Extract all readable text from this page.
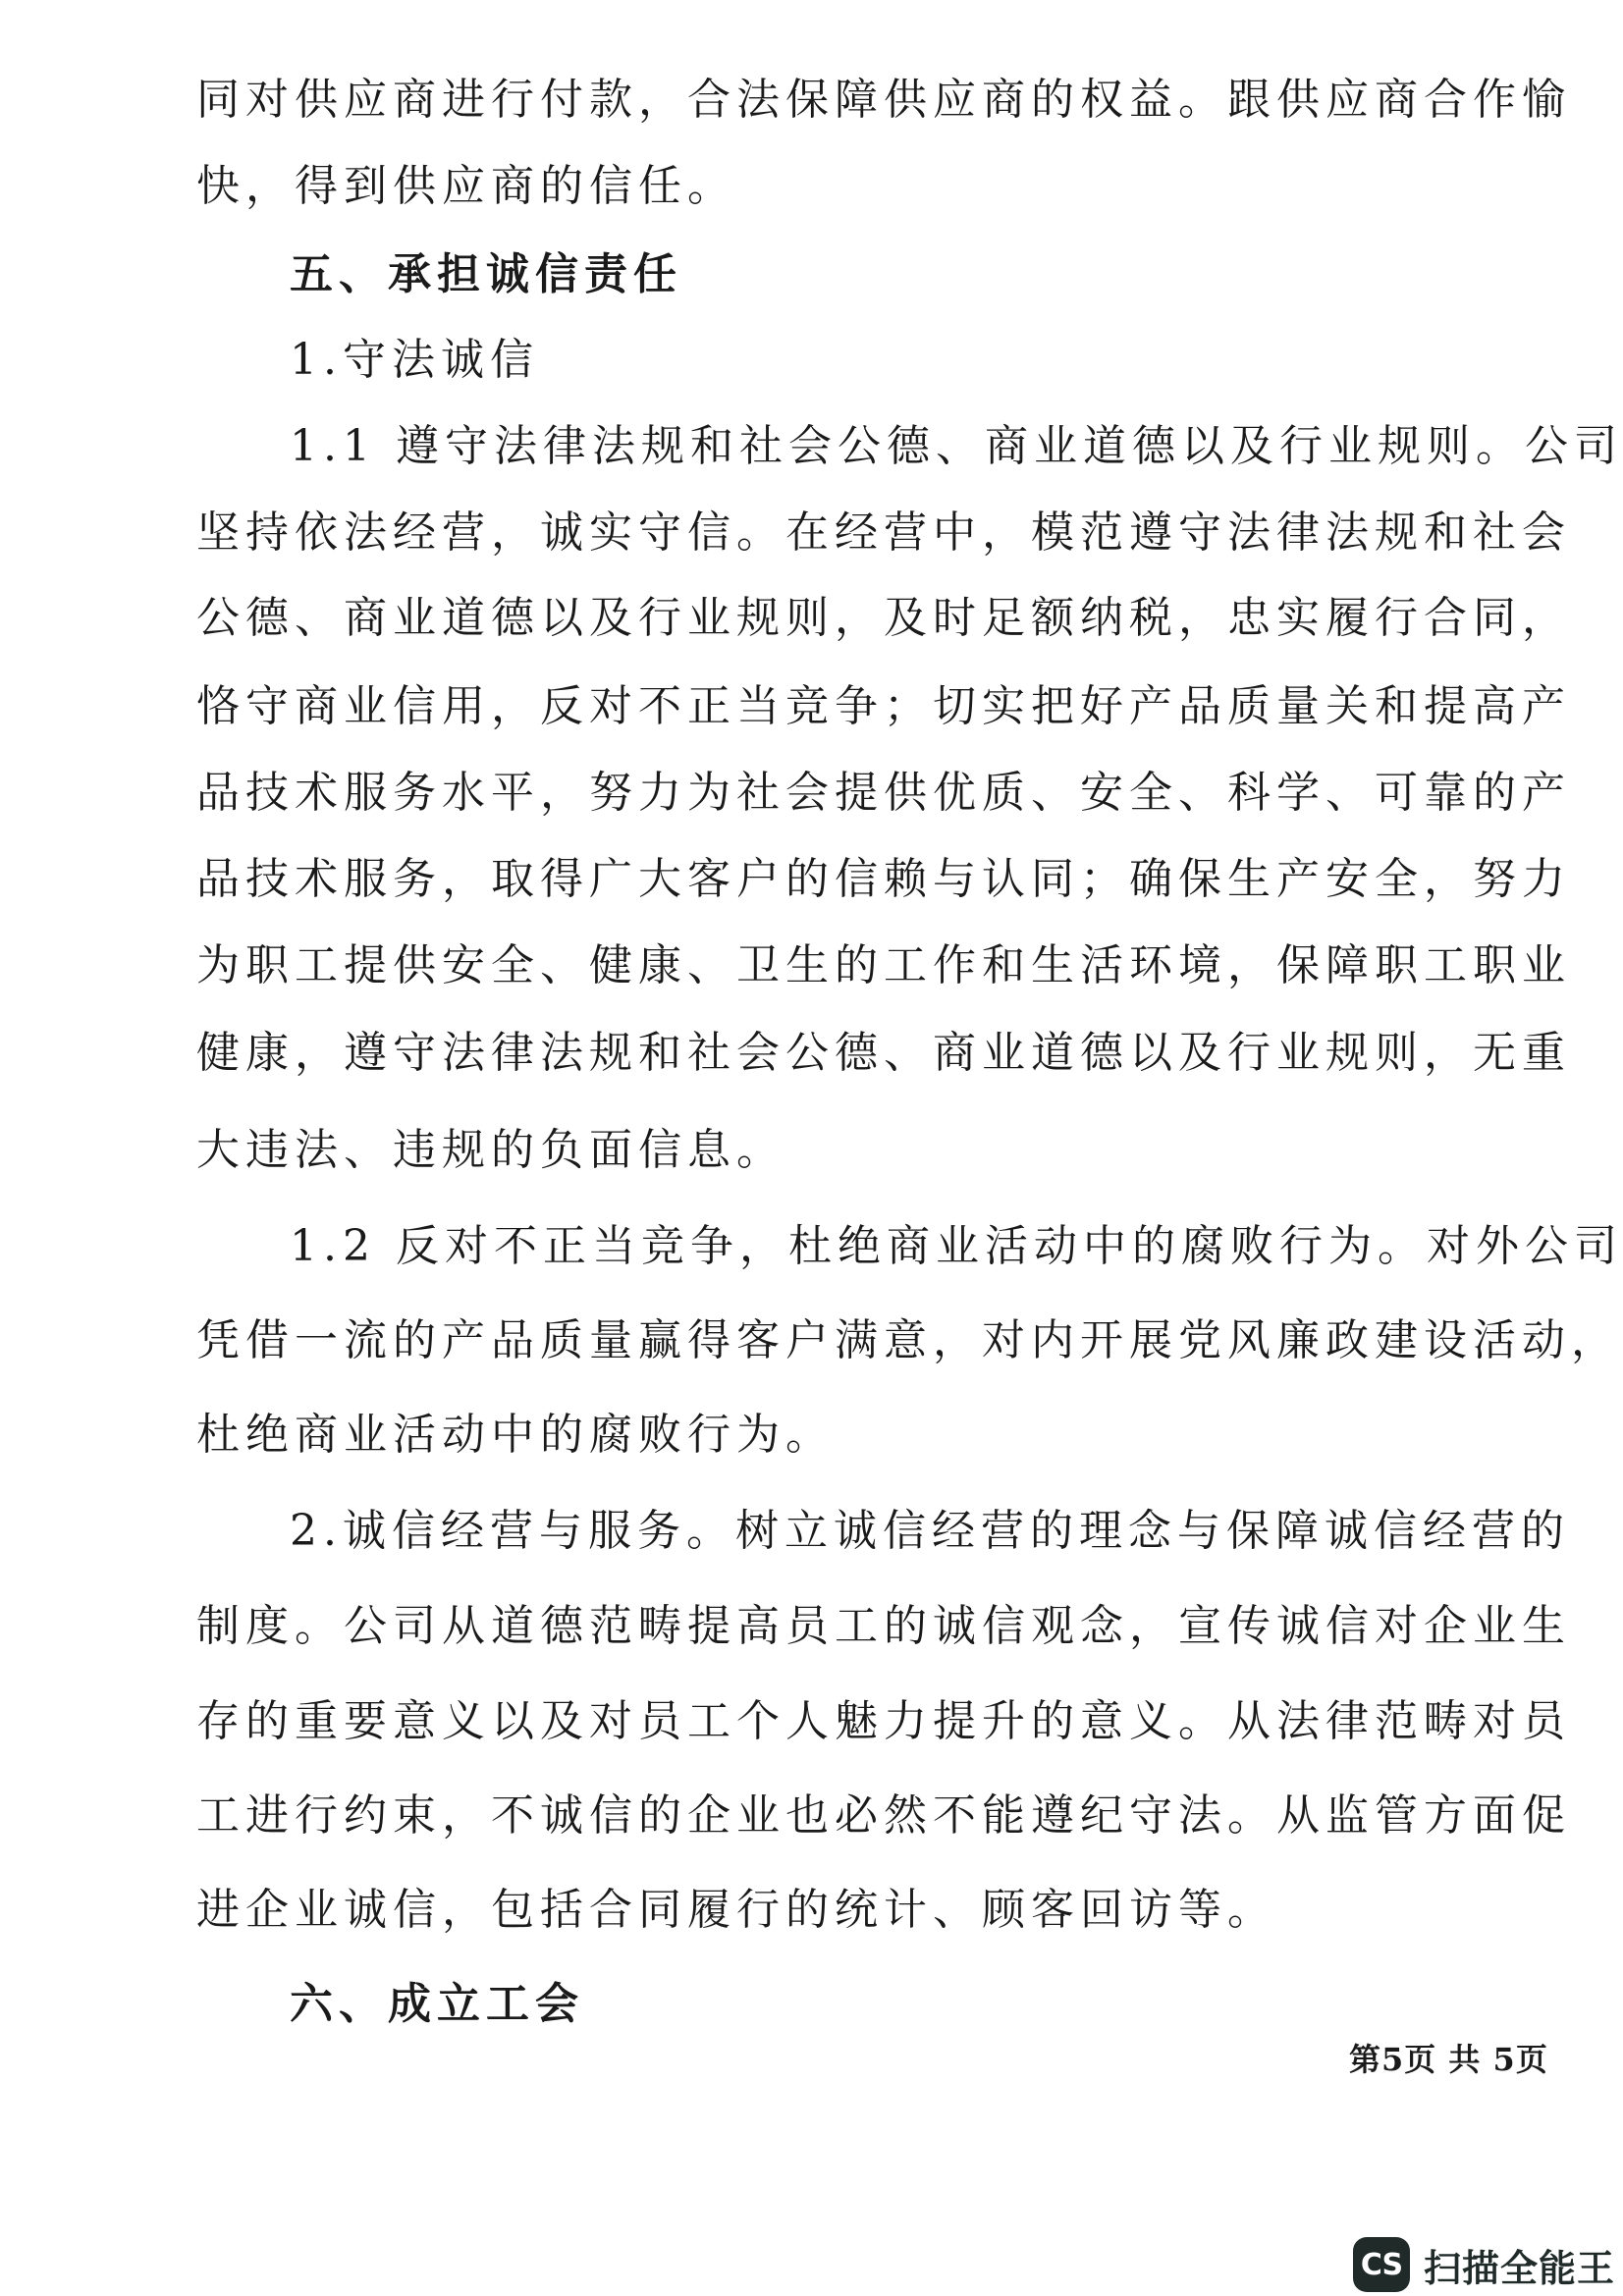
同对供应商进行付款，合法保障供应商的权益。跟供应商合作愉
快，得到供应商的信任。
五、承担诚信责任
1.守法诚信
1.1 遵守法律法规和社会公德、商业道德以及行业规则。公司
坚持依法经营，诚实守信。在经营中，模范遵守法律法规和社会
公德、商业道德以及行业规则，及时足额纳税，忠实履行合同，
恪守商业信用，反对不正当竞争；切实把好产品质量关和提高产
品技术服务水平，努力为社会提供优质、安全、科学、可靠的产
品技术服务，取得广大客户的信赖与认同；确保生产安全，努力
为职工提供安全、健康、卫生的工作和生活环境，保障职工职业
健康，遵守法律法规和社会公德、商业道德以及行业规则，无重
大违法、违规的负面信息。
1.2 反对不正当竞争，杜绝商业活动中的腐败行为。对外公司
凭借一流的产品质量赢得客户满意，对内开展党风廉政建设活动，
杜绝商业活动中的腐败行为。
2.诚信经营与服务。树立诚信经营的理念与保障诚信经营的
制度。公司从道德范畴提高员工的诚信观念，宣传诚信对企业生
存的重要意义以及对员工个人魅力提升的意义。从法律范畴对员
工进行约束，不诚信的企业也必然不能遵纪守法。从监管方面促
进企业诚信，包括合同履行的统计、顾客回访等。
六、成立工会
第5页 共 5页
CS 扫描全能王
